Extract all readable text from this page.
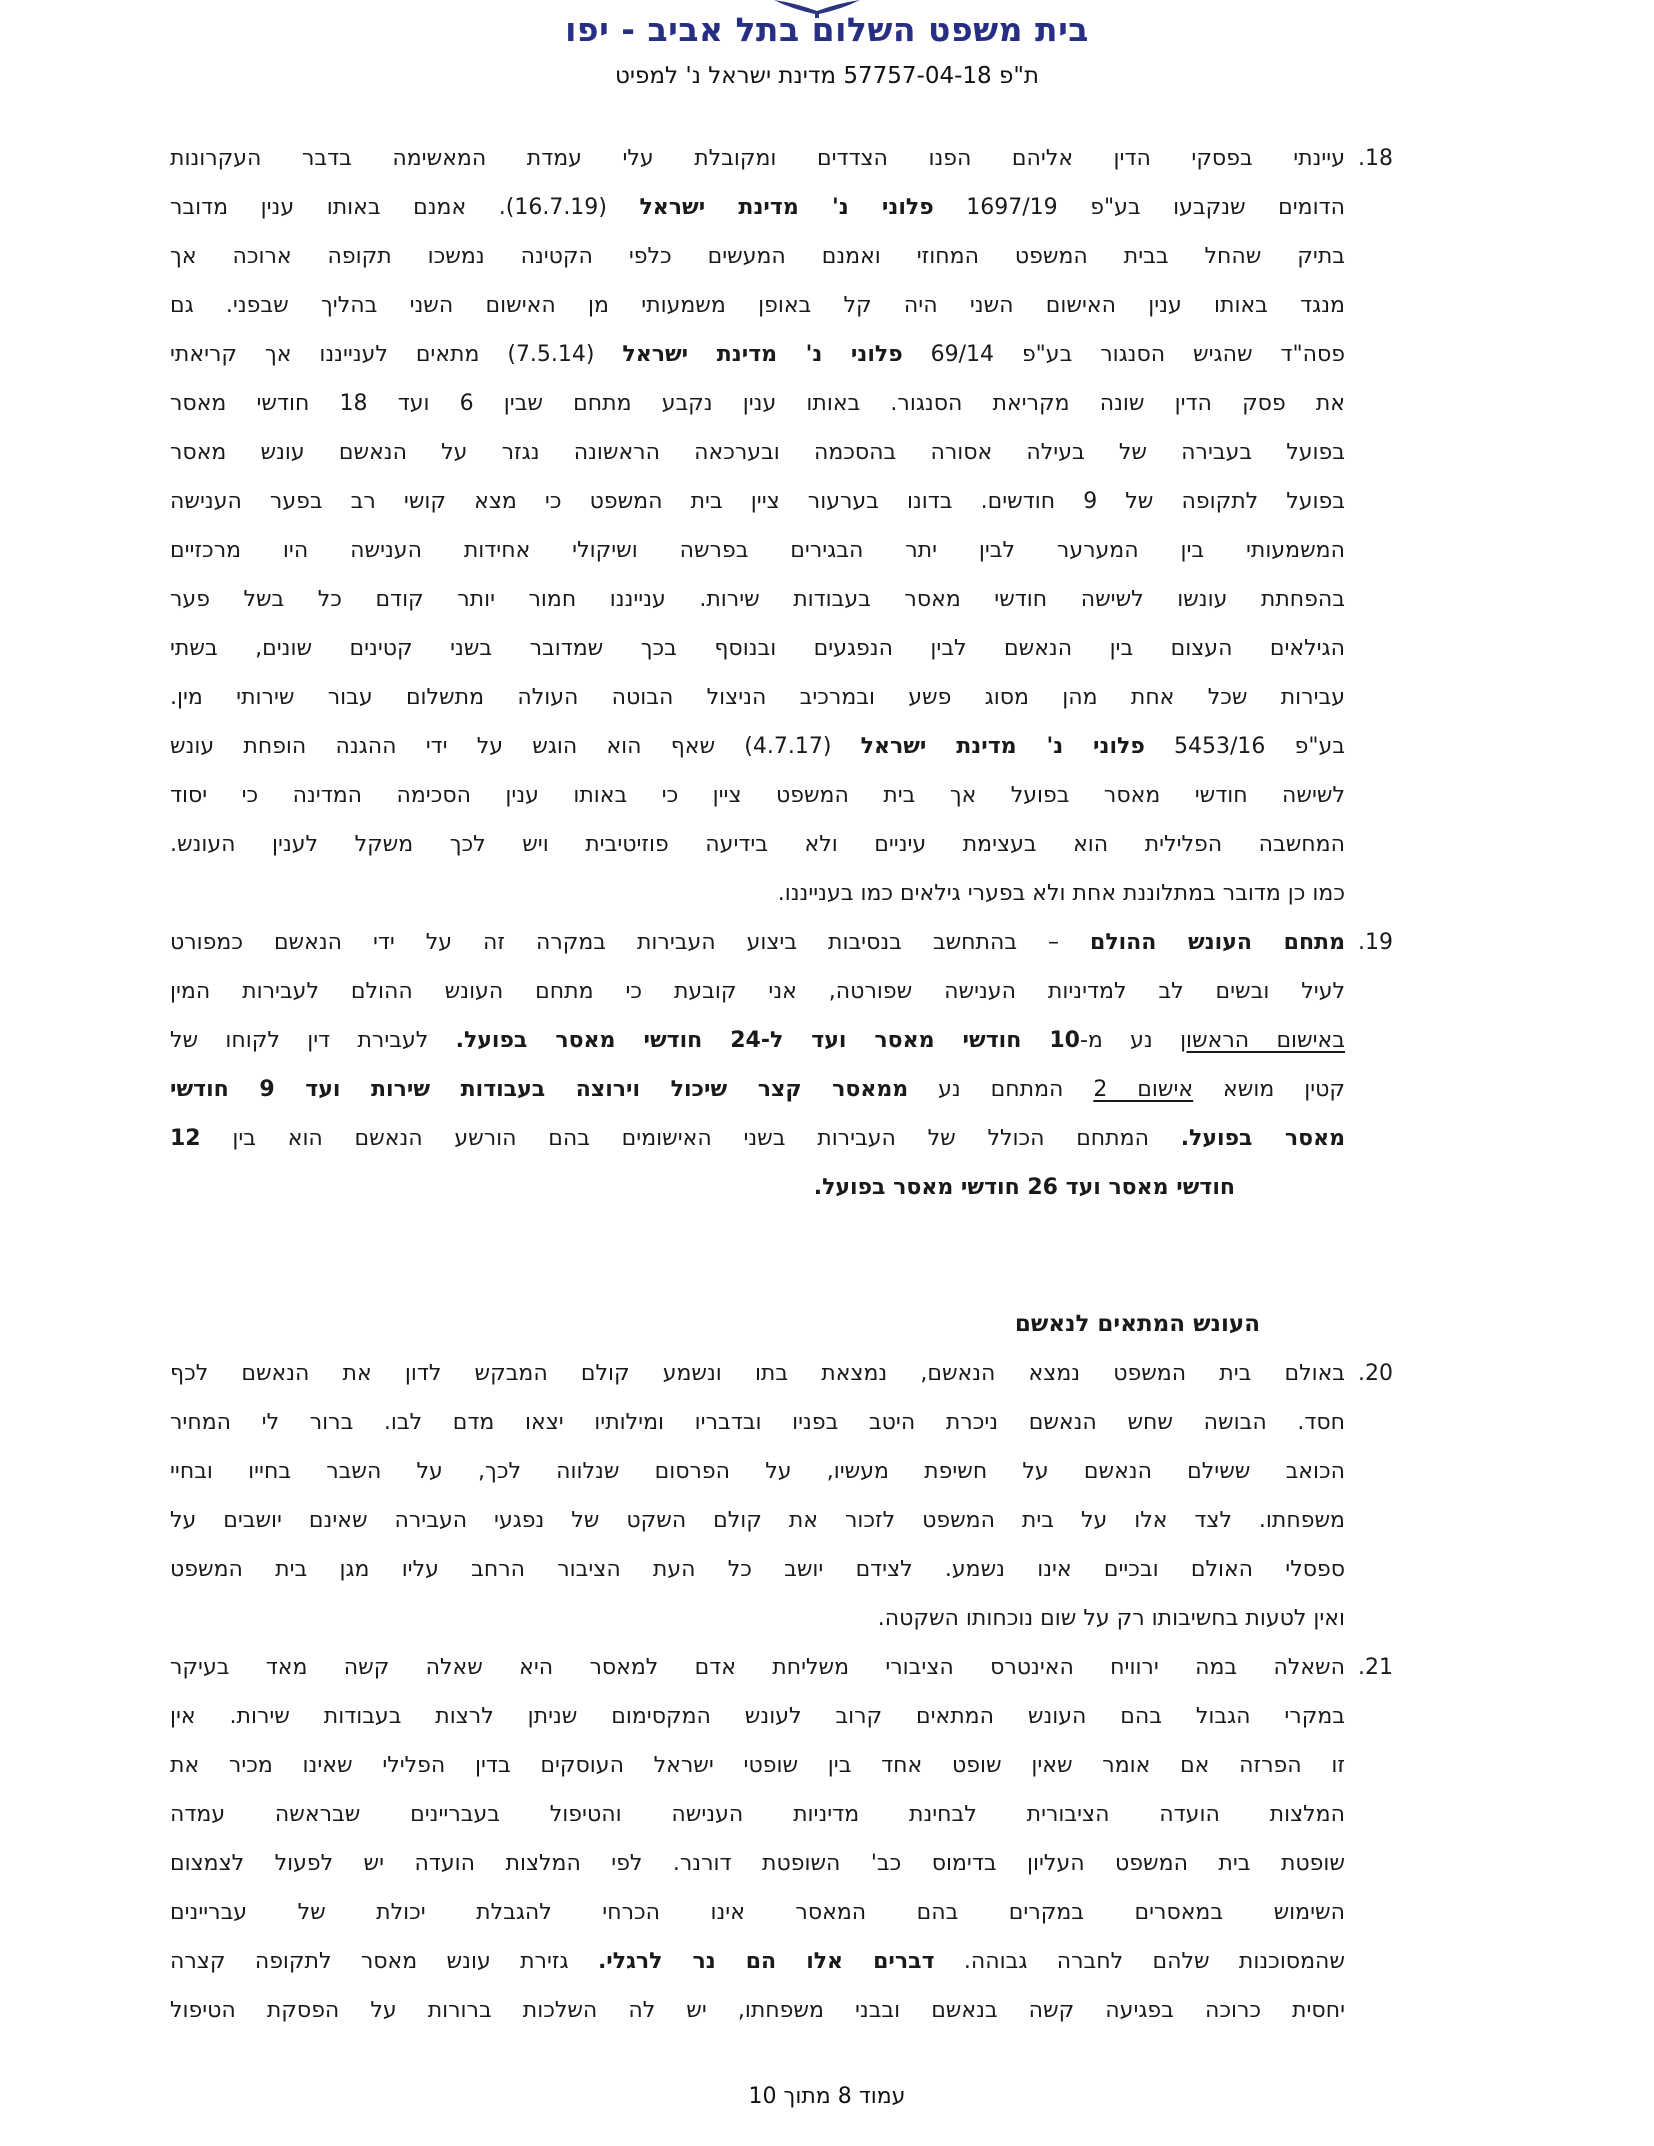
בית משפט השלום בתל אביב - יפו
ת"פ 57757-04-18 מדינת ישראל נ' למפיט
18.
עיינתי בפסקי הדין אליהם הפנו הצדדים ומקובלת עלי עמדת המאשימה בדבר העקרונות
הדומים שנקבעו בע"פ 1697/19 פלוני נ' מדינת ישראל (16.7.19). אמנם באותו ענין מדובר
בתיק שהחל בבית המשפט המחוזי ואמנם המעשים כלפי הקטינה נמשכו תקופה ארוכה אך
מנגד באותו ענין האישום השני היה קל באופן משמעותי מן האישום השני בהליך שבפני. גם
פסה"ד שהגיש הסנגור בע"פ 69/14 פלוני נ' מדינת ישראל (7.5.14) מתאים לענייננו אך קריאתי
את פסק הדין שונה מקריאת הסנגור. באותו ענין נקבע מתחם שבין 6 ועד 18 חודשי מאסר
בפועל בעבירה של בעילה אסורה בהסכמה ובערכאה הראשונה נגזר על הנאשם עונש מאסר
בפועל לתקופה של 9 חודשים. בדונו בערעור ציין בית המשפט כי מצא קושי רב בפער הענישה
המשמעותי בין המערער לבין יתר הבגירים בפרשה ושיקולי אחידות הענישה היו מרכזיים
בהפחתת עונשו לשישה חודשי מאסר בעבודות שירות. ענייננו חמור יותר קודם כל בשל פער
הגילאים העצום בין הנאשם לבין הנפגעים ובנוסף בכך שמדובר בשני קטינים שונים, בשתי
עבירות שכל אחת מהן מסוג פשע ובמרכיב הניצול הבוטה העולה מתשלום עבור שירותי מין.
בע"פ 5453/16 פלוני נ' מדינת ישראל (4.7.17) שאף הוא הוגש על ידי ההגנה הופחת עונש
לשישה חודשי מאסר בפועל אך בית המשפט ציין כי באותו ענין הסכימה המדינה כי יסוד
המחשבה הפלילית הוא בעצימת עיניים ולא בידיעה פוזיטיבית ויש לכך משקל לענין העונש.
כמו כן מדובר במתלוננת אחת ולא בפערי גילאים כמו בענייננו.
19.
מתחם העונש ההולם – בהתחשב בנסיבות ביצוע העבירות במקרה זה על ידי הנאשם כמפורט
לעיל ובשים לב למדיניות הענישה שפורטה, אני קובעת כי מתחם העונש ההולם לעבירות המין
באישום הראשון נע מ-10 חודשי מאסר ועד ל-24 חודשי מאסר בפועל. לעבירת דין לקוחו של
קטין מושא אישום 2 המתחם נע ממאסר קצר שיכול וירוצה בעבודות שירות ועד 9 חודשי
מאסר בפועל. המתחם הכולל של העבירות בשני האישומים בהם הורשע הנאשם הוא בין 12
חודשי מאסר ועד 26 חודשי מאסר בפועל.
העונש המתאים לנאשם
20.
באולם בית המשפט נמצא הנאשם, נמצאת בתו ונשמע קולם המבקש לדון את הנאשם לכף
חסד. הבושה שחש הנאשם ניכרת היטב בפניו ובדבריו ומילותיו יצאו מדם לבו. ברור לי המחיר
הכואב ששילם הנאשם על חשיפת מעשיו, על הפרסום שנלווה לכך, על השבר בחייו ובחיי
משפחתו. לצד אלו על בית המשפט לזכור את קולם השקט של נפגעי העבירה שאינם יושבים על
ספסלי האולם ובכיים אינו נשמע. לצידם יושב כל העת הציבור הרחב עליו מגן בית המשפט
ואין לטעות בחשיבותו רק על שום נוכחותו השקטה.
21.
השאלה במה ירוויח האינטרס הציבורי משליחת אדם למאסר היא שאלה קשה מאד בעיקר
במקרי הגבול בהם העונש המתאים קרוב לעונש המקסימום שניתן לרצות בעבודות שירות. אין
זו הפרזה אם אומר שאין שופט אחד בין שופטי ישראל העוסקים בדין הפלילי שאינו מכיר את
המלצות הועדה הציבורית לבחינת מדיניות הענישה והטיפול בעבריינים שבראשה עמדה
שופטת בית המשפט העליון בדימוס כב' השופטת דורנר. לפי המלצות הועדה יש לפעול לצמצום
השימוש במאסרים במקרים בהם המאסר אינו הכרחי להגבלת יכולת של עבריינים
שהמסוכנות שלהם לחברה גבוהה. דברים אלו הם נר לרגלי. גזירת עונש מאסר לתקופה קצרה
יחסית כרוכה בפגיעה קשה בנאשם ובבני משפחתו, יש לה השלכות ברורות על הפסקת הטיפול
עמוד 8 מתוך 10
